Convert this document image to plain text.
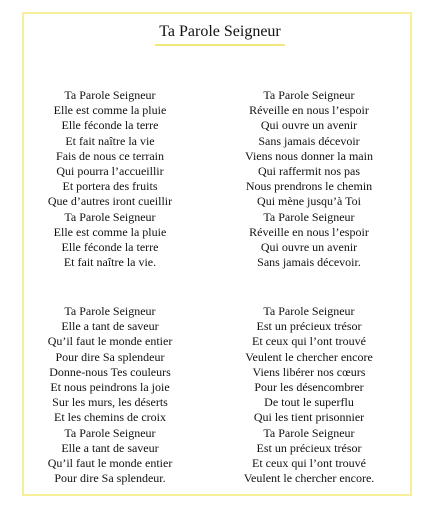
Ta Parole Seigneur
Ta Parole Seigneur
Elle est comme la pluie
Elle féconde la terre
Et fait naître la vie
Fais de nous ce terrain
Qui pourra l’accueillir
Et portera des fruits
Que d’autres iront cueillir
Ta Parole Seigneur
Elle est comme la pluie
Elle féconde la terre
Et fait naître la vie.
Ta Parole Seigneur
Réveille en nous l’espoir
Qui ouvre un avenir
Sans jamais décevoir
Viens nous donner la main
Qui raffermit nos pas
Nous prendrons le chemin
Qui mène jusqu’à Toi
Ta Parole Seigneur
Réveille en nous l’espoir
Qui ouvre un avenir
Sans jamais décevoir.
Ta Parole Seigneur
Elle a tant de saveur
Qu’il faut le monde entier
Pour dire Sa splendeur
Donne-nous Tes couleurs
Et nous peindrons la joie
Sur les murs, les déserts
Et les chemins de croix
Ta Parole Seigneur
Elle a tant de saveur
Qu’il faut le monde entier
Pour dire Sa splendeur.
Ta Parole Seigneur
Est un précieux trésor
Et ceux qui l’ont trouvé
Veulent le chercher encore
Viens libérer nos cœurs
Pour les désencombrer
De tout le superflu
Qui les tient prisonnier
Ta Parole Seigneur
Est un précieux trésor
Et ceux qui l’ont trouvé
Veulent le chercher encore.
